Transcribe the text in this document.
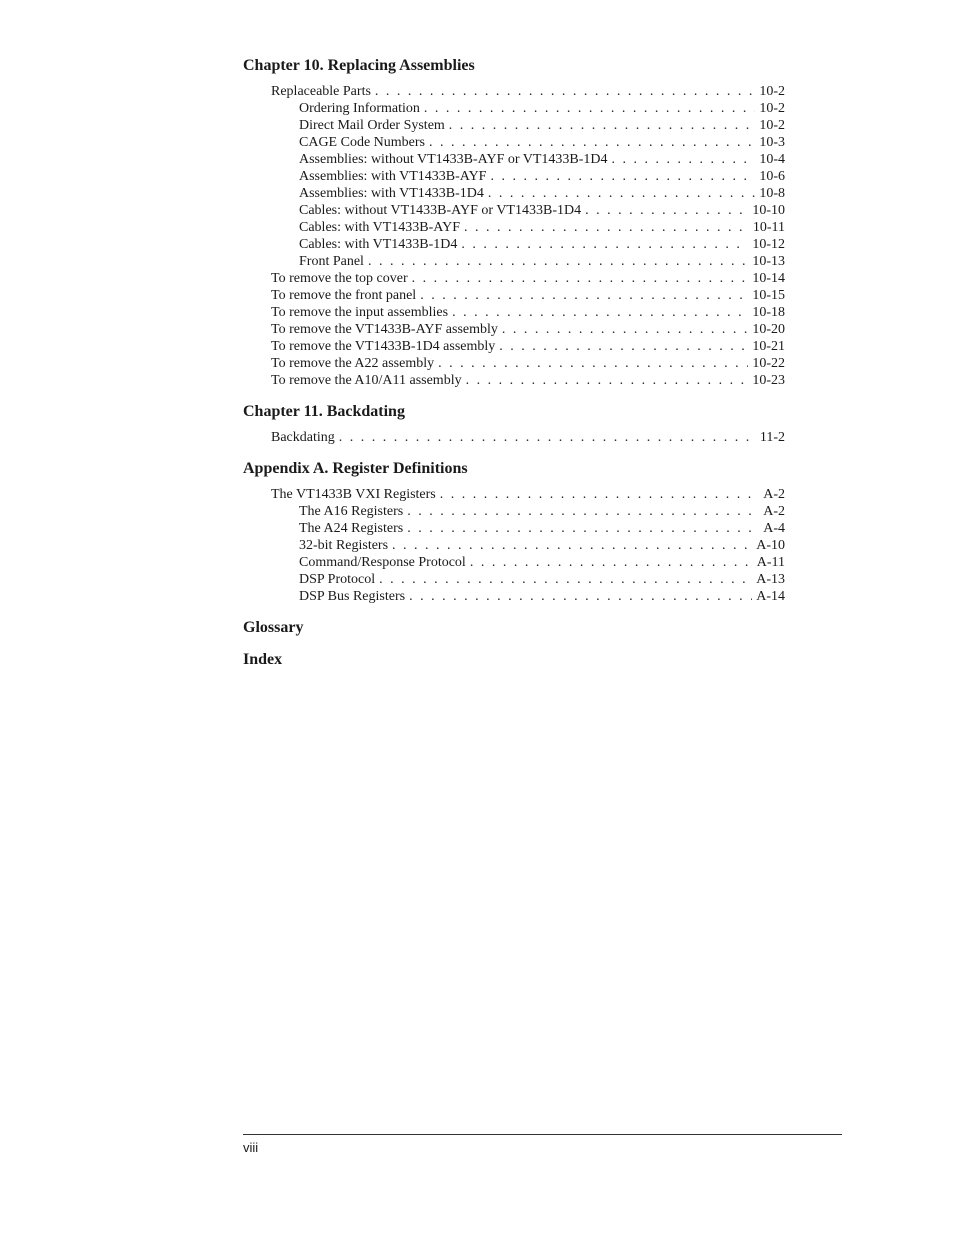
Chapter 10. Replacing Assemblies
Replaceable Parts . . .	10-2
Ordering Information . . .	10-2
Direct Mail Order System . . .	10-2
CAGE Code Numbers . . .	10-3
Assemblies: without VT1433B-AYF or VT1433B-1D4 . . .	10-4
Assemblies: with VT1433B-AYF . . .	10-6
Assemblies: with VT1433B-1D4 . . .	10-8
Cables: without VT1433B-AYF or VT1433B-1D4 . . .	10-10
Cables: with VT1433B-AYF . . .	10-11
Cables: with VT1433B-1D4 . . .	10-12
Front Panel . . .	10-13
To remove the top cover . . .	10-14
To remove the front panel . . .	10-15
To remove the input assemblies . . .	10-18
To remove the VT1433B-AYF assembly . . .	10-20
To remove the VT1433B-1D4 assembly . . .	10-21
To remove the A22 assembly . . .	10-22
To remove the A10/A11 assembly . . .	10-23
Chapter 11. Backdating
Backdating . . .	11-2
Appendix A. Register Definitions
The VT1433B VXI Registers . . .	A-2
The A16 Registers . . .	A-2
The A24 Registers . . .	A-4
32-bit Registers . . .	A-10
Command/Response Protocol . . .	A-11
DSP Protocol . . .	A-13
DSP Bus Registers . . .	A-14
Glossary
Index
viii
